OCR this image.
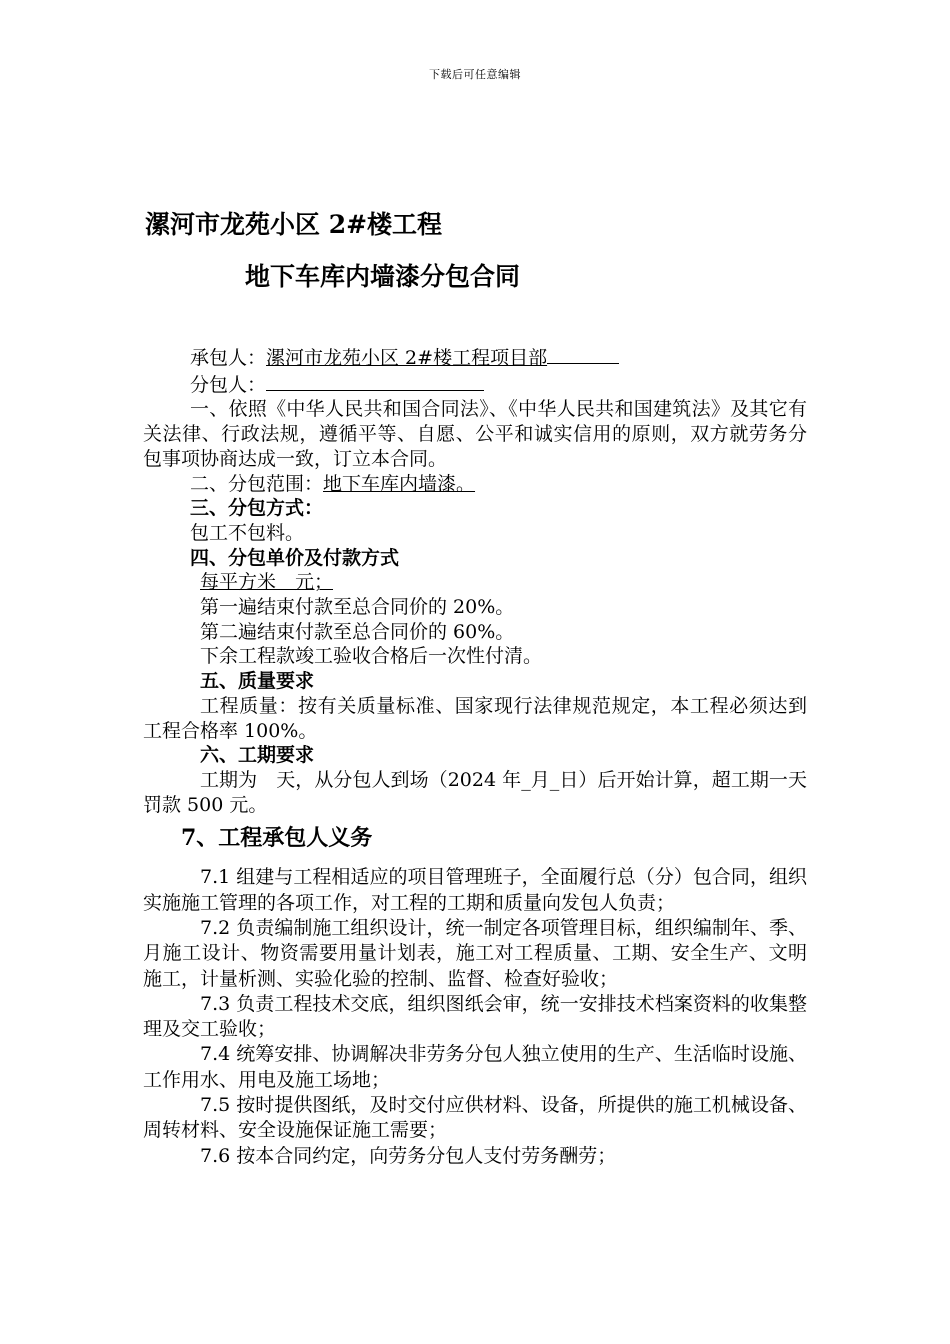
下载后可任意编辑
漯河市龙苑小区 2#楼工程
地下车库内墙漆分包合同

承包人：漯河市龙苑小区 2#楼工程项目部

分包人：

一、依照《中华人民共和国合同法》、《中华人民共和国建筑法》及其它有关法律、行政法规，遵循平等、自愿、公平和诚实信用的原则，双方就劳务分包事项协商达成一致，订立本合同。

二、分包范围：地下车库内墙漆。

三、分包方式：

包工不包料。

四、分包单价及付款方式

每平方米　元；

第一遍结束付款至总合同价的 20%。

第二遍结束付款至总合同价的 60%。

下余工程款竣工验收合格后一次性付清。

五、质量要求

工程质量：按有关质量标准、国家现行法律规范规定，本工程必须达到工程合格率 100%。

六、工期要求

工期为　天，从分包人到场（2024 年_月_日）后开始计算，超工期一天罚款 500 元。

7、工程承包人义务

7.1 组建与工程相适应的项目管理班子，全面履行总（分）包合同，组织实施施工管理的各项工作，对工程的工期和质量向发包人负责；

7.2 负责编制施工组织设计，统一制定各项管理目标，组织编制年、季、月施工设计、物资需要用量计划表，施工对工程质量、工期、安全生产、文明施工，计量析测、实验化验的控制、监督、检查好验收；

7.3 负责工程技术交底，组织图纸会审，统一安排技术档案资料的收集整理及交工验收；

7.4 统筹安排、协调解决非劳务分包人独立使用的生产、生活临时设施、工作用水、用电及施工场地；

7.5 按时提供图纸，及时交付应供材料、设备，所提供的施工机械设备、周转材料、安全设施保证施工需要；

7.6 按本合同约定，向劳务分包人支付劳务酬劳；
